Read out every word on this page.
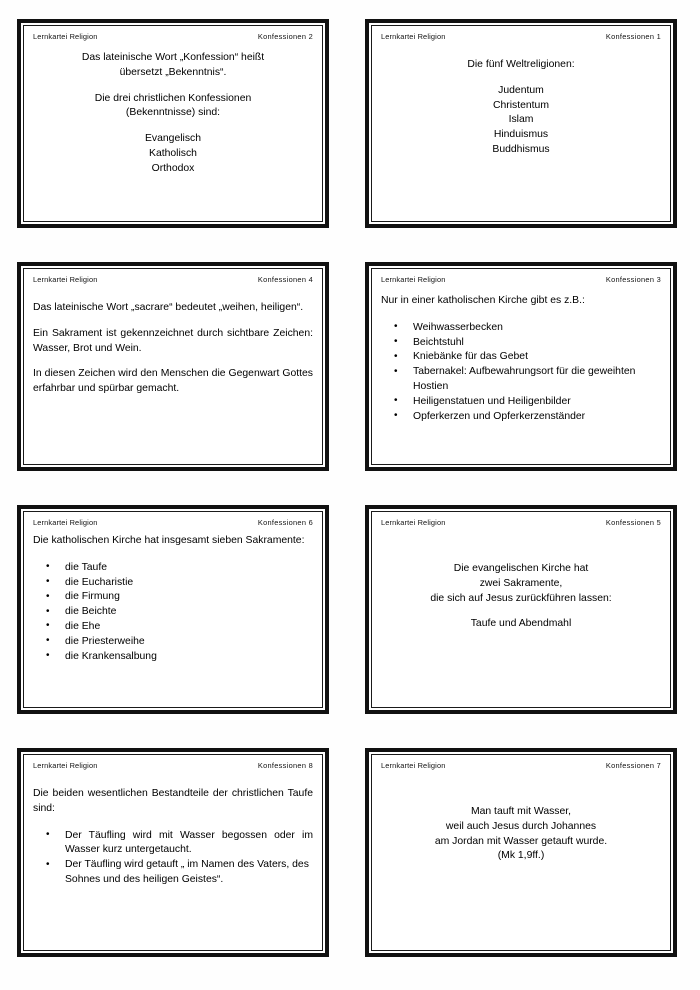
Lernkartei Religion	Konfessionen 2

Das lateinische Wort „Konfession“ heißt
übersetzt „Bekenntnis“.

Die drei christlichen Konfessionen
(Bekenntnisse) sind:

Evangelisch
Katholisch
Orthodox

Lernkartei Religion	Konfessionen 1

Die fünf Weltreligionen:

Judentum
Christentum
Islam
Hinduismus
Buddhismus

Lernkartei Religion	Konfessionen 4

Das lateinische Wort „sacrare“ bedeutet „weihen, heiligen“.

Ein Sakrament ist gekennzeichnet durch sichtbare Zeichen: Wasser, Brot und Wein.

In diesen Zeichen wird den Menschen die Gegenwart Gottes erfahrbar und spürbar gemacht.

Lernkartei Religion	Konfessionen 3

Nur in einer katholischen Kirche gibt es z.B.:

• Weihwasserbecken
• Beichtstuhl
• Kniebänke für das Gebet
• Tabernakel: Aufbewahrungsort für die geweihten Hostien
• Heiligenstatuen und Heiligenbilder
• Opferkerzen und Opferkerzenständer
Lernkartei Religion	Konfessionen 6

Die katholischen Kirche hat insgesamt sieben Sakramente:

• die Taufe
• die Eucharistie
• die Firmung
• die Beichte
• die Ehe
• die Priesterweihe
• die Krankensalbung
Lernkartei Religion	Konfessionen 5

Die evangelischen Kirche hat
zwei Sakramente,
die sich auf Jesus zurückführen lassen:

Taufe und Abendmahl

Lernkartei Religion	Konfessionen 8

Die beiden wesentlichen Bestandteile der christlichen Taufe sind:

• Der Täufling wird mit Wasser begossen oder im Wasser kurz untergetaucht.
• Der Täufling wird getauft „ im Namen des Vaters, des Sohnes und des heiligen Geistes“.
Lernkartei Religion	Konfessionen 7

Man tauft mit Wasser,
weil auch Jesus durch Johannes
am Jordan mit Wasser getauft wurde.
(Mk 1,9ff.)
